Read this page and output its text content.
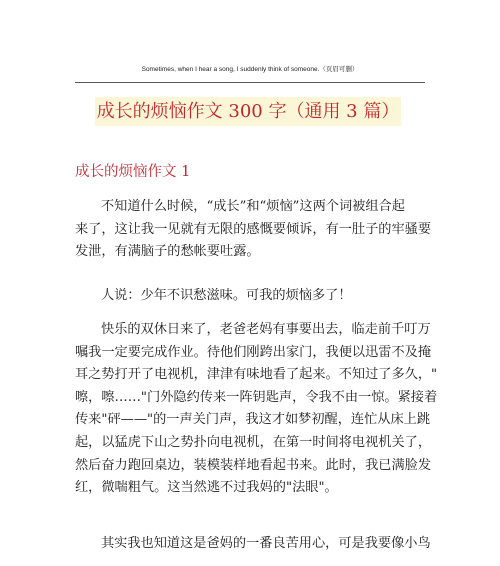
Sometimes, when I hear a song, I suddenly think of someone.（页眉可删）
成长的烦恼作文 300 字（通用 3 篇）
成长的烦恼作文 1

不知道什么时候，“成长”和“烦恼”这两个词被组合起
来了，这让我一见就有无限的感慨要倾诉，有一肚子的牢骚要
发泄，有满脑子的愁帐要吐露。

人说：少年不识愁滋味。可我的烦恼多了！

快乐的双休日来了，老爸老妈有事要出去，临走前千叮万
嘱我一定要完成作业。待他们刚跨出家门，我便以迅雷不及掩
耳之势打开了电视机，津津有味地看了起来。不知过了多久，"
嚓，嚓……"门外隐约传来一阵钥匙声，令我不由一惊。紧接着
传来"砰——"的一声关门声，我这才如梦初醒，连忙从床上跳
起，以猛虎下山之势扑向电视机，在第一时间将电视机关了，
然后奋力跑回桌边，装模装样地看起书来。此时，我已满脸发
红，微喘粗气。这当然逃不过我妈的"法眼"。

其实我也知道这是爸妈的一番良苦用心，可是我要像小鸟
